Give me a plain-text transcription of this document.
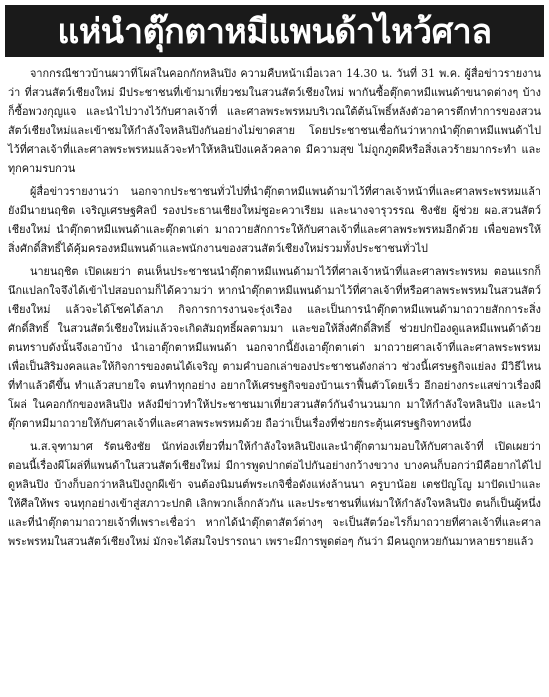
แห่นำตุ๊กตาหมีแพนด้าไหว้ศาล

จากกรณีชาวบ้านผวาที่โผล่ในคอกกักหลินปิง ความคืบหน้าเมื่อเวลา 14.30 น. วันที่ 31 พ.ค. ผู้สื่อข่าวรายงานว่า ที่สวนสัตว์เชียงใหม่ มีประชาชนที่เข้ามาเที่ยวชมในสวนสัตว์เชียงใหม่ พากันซื้อตุ๊กตาหมีแพนด้าขนาดต่างๆ บ้างก็ซื้อพวงกุญแจ และนำไปวางไว้กับศาลเจ้าที่ และศาลพระพรหมบริเวณใต้ต้นโพธิ์หลังตัวอาคารตึกทำการของสวนสัตว์เชียงใหม่และเข้าชมให้กำลังใจหลินปิงกันอย่างไม่ขาดสาย โดยประชาชนเชื่อกันว่าหากนำตุ๊กตาหมีแพนด้าไปไว้ที่ศาลเจ้าที่และศาลพระพรหมแล้วจะทำให้หลินปิงแคล้วคลาด มีความสุข ไม่ถูกภูตผีหรือสิ่งเลวร้ายมากระทำ และทุกคามรบกวน

ผู้สื่อข่าวรายงานว่า นอกจากประชาชนทั่วไปที่นำตุ๊กตาหมีแพนด้ามาไว้ที่ศาลเจ้าหน้าที่และศาลพระพรหมแล้ายังมีนายนฤชิต เจริญเศรษฐศิลป์ รองประธานเชียงใหม่ซูอะควาเรียม และนางจารุวรรณ ชิงชัย ผู้ช่วย ผอ.สวนสัตว์เชียงใหม่ นำตุ๊กตาหมีแพนด้าและตุ๊กตาเต่า มาถวายสักการะให้กับศาลเจ้าที่และศาลพระพรหมอีกด้วย เพื่อขอพรให้สิ่งศักดิ์สิทธิ์ได้คุ้มครองหมีแพนด้าและพนักงานของสวนสัตว์เชียงใหม่รวมทั้งประชาชนทั่วไป

นายนฤชิต เปิดเผยว่า ตนเห็นประชาชนนำตุ๊กตาหมีแพนด้ามาไว้ที่ศาลเจ้าหน้าที่และศาลพระพรหม ตอนแรกก็นึกแปลกใจจึงได้เข้าไปสอบถามก็ได้ความว่า หากนำตุ๊กตาหมีแพนด้ามาไว้ที่ศาลเจ้าที่หรือศาลพระพรหมในสวนสัตว์เชียงใหม่ แล้วจะได้โชคได้ลาภ กิจการการงานจะรุ่งเรือง และเป็นการนำตุ๊กตาหมีแพนด้ามาถวายสักการะสิ่งศักดิ์สิทธิ์ ในสวนสัตว์เชียงใหม่แล้วจะเกิดสัมฤทธิ์ผลตามมา และขอให้สิ่งศักดิ์สิทธิ์ ช่วยปกป้องดูแลหมีแพนด้าด้วย ตนทราบดังนั้นจึงเอาบ้าง นำเอาตุ๊กตาหมีแพนด้า นอกจากนี้ยังเอาตุ๊กตาเต่า มาถวายศาลเจ้าที่และศาลพระพรหม เพื่อเป็นสิริมงคลและให้กิจการของตนได้เจริญ ตามคำบอกเล่าของประชาชนดังกล่าว ช่วงนี้เศรษฐกิจแย่ลง มีวิธีไหนที่ทำแล้วดีขึ้น ทำแล้วสบายใจ ตนทำทุกอย่าง อยากให้เศรษฐกิจของบ้านเราฟื้นตัวโดยเร็ว อีกอย่างกระแสข่าวเรื่องผีโผล่ ในคอกกักของหลินปิง หลังมีข่าวทำให้ประชาชนมาเที่ยวสวนสัตว์กันจำนวนมาก มาให้กำลังใจหลินปิง และนำตุ๊กตาหมีมาถวายให้กับศาลเจ้าที่และศาลพระพรหมด้วย ถือว่าเป็นเรื่องที่ช่วยกระตุ้นเศรษฐกิจทางหนึ่ง

น.ส.จุฑามาศ รัตนชิงชัย นักท่องเที่ยวที่มาให้กำลังใจหลินปิงและนำตุ๊กตามามอบให้กับศาลเจ้าที่ เปิดเผยว่า ตอนนี้เรื่องผีโผล่ที่แพนด้าในสวนสัตว์เชียงใหม่ มีการพูดปากต่อไปกันอย่างกว้างขวาง บางคนก็บอกว่ามีคือยากได้ไปดูหลินปิง บ้างก็บอกว่าหลินปิงถูกผีเข้า จนต้องนิมนต์พระเกจิชื่อดังแห่งล้านนา ครูบาน้อย เตชปัญโญ มาปัดเป่าและให้ศีลให้พร จนทุกอย่างเข้าสู่สภาวะปกติ เลิกพวกเล็กกลัวกัน และประชาชนที่แห่มาให้กำลังใจหลินปิง ตนก็เป็นผู้หนึ่ง และที่นำตุ๊กตามาถวายเจ้าที่เพราะเชื่อว่า หากได้นำตุ๊กตาสัตว์ต่างๆ จะเป็นสัตว์อะไรก็มาถวายที่ศาลเจ้าที่และศาลพระพรหมในสวนสัตว์เชียงใหม่ มักจะได้สมใจปรารถนา เพราะมีการพูดต่อๆ กันว่า มีคนถูกหวยกันมาหลายรายแล้ว
